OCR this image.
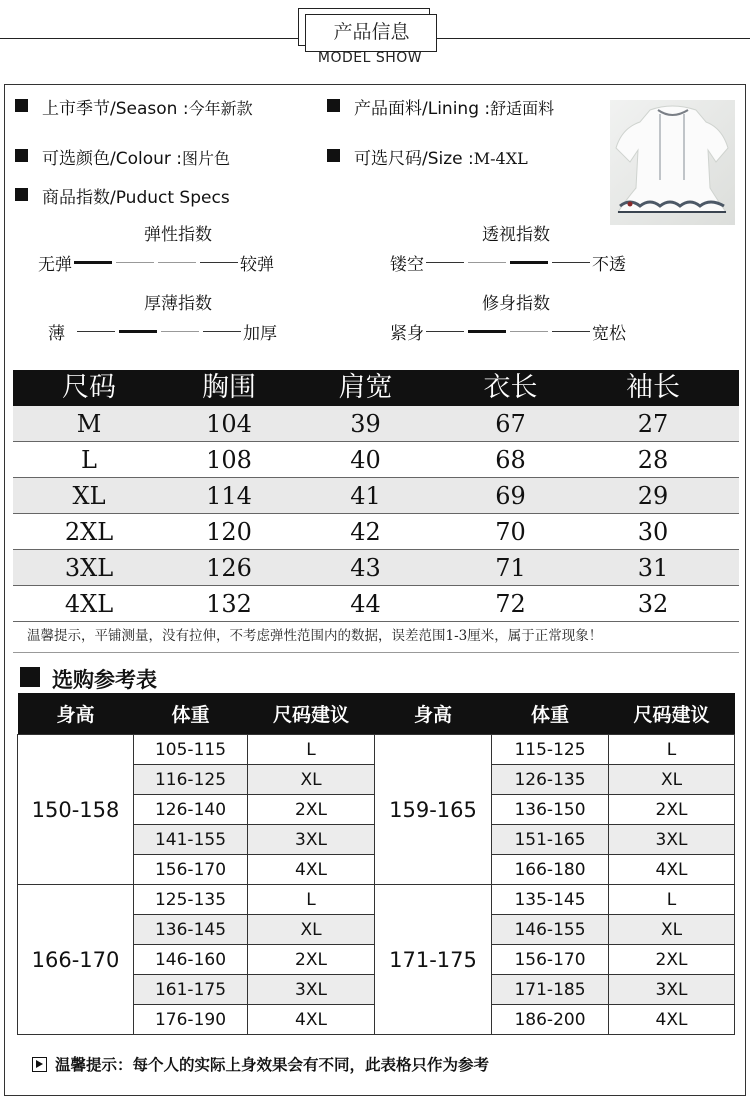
产品信息
MODEL SHOW
上市季节/Season :今年新款	产品面料/Lining :舒适面料
可选颜色/Colour :图片色	可选尺码/Size :M-4XL
商品指数/Puduct Specs
弹性指数
无弹	较弹
透视指数
镂空	不透
厚薄指数
薄	加厚
修身指数
紧身	宽松
尺码	胸围	肩宽	衣长	袖长
M	104	39	67	27
L	108	40	68	28
XL	114	41	69	29
2XL	120	42	70	30
3XL	126	43	71	31
4XL	132	44	72	32
温馨提示，平铺测量，没有拉伸，不考虑弹性范围内的数据，误差范围1-3厘米，属于正常现象！
选购参考表
身高	体重	尺码建议	身高	体重	尺码建议
150-158	105-115	L	159-165	115-125	L
	116-125	XL		126-135	XL
	126-140	2XL		136-150	2XL
	141-155	3XL		151-165	3XL
	156-170	4XL		166-180	4XL
166-170	125-135	L	171-175	135-145	L
	136-145	XL		146-155	XL
	146-160	2XL		156-170	2XL
	161-175	3XL		171-185	3XL
	176-190	4XL		186-200	4XL
温馨提示：每个人的实际上身效果会有不同，此表格只作为参考
